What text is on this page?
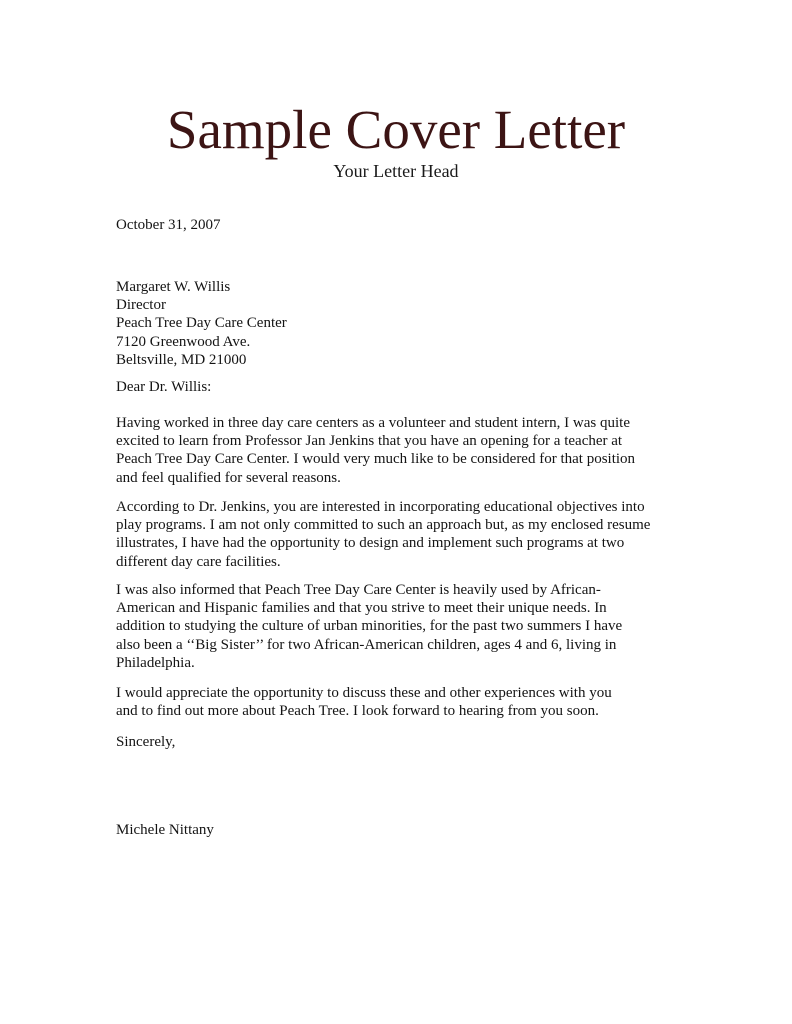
Sample Cover Letter
Your Letter Head
October 31, 2007
Margaret W. Willis
Director
Peach Tree Day Care Center
7120 Greenwood Ave.
Beltsville, MD 21000
Dear Dr. Willis:
Having worked in three day care centers as a volunteer and student intern, I was quite
excited to learn from Professor Jan Jenkins that you have an opening for a teacher at
Peach Tree Day Care Center. I would very much like to be considered for that position
and feel qualified for several reasons.
According to Dr. Jenkins, you are interested in incorporating educational objectives into
play programs. I am not only committed to such an approach but, as my enclosed resume
illustrates, I have had the opportunity to design and implement such programs at two
different day care facilities.
I was also informed that Peach Tree Day Care Center is heavily used by African-
American and Hispanic families and that you strive to meet their unique needs. In
addition to studying the culture of urban minorities, for the past two summers I have
also been a ‘‘Big Sister’’ for two African-American children, ages 4 and 6, living in
Philadelphia.
I would appreciate the opportunity to discuss these and other experiences with you
and to find out more about Peach Tree. I look forward to hearing from you soon.
Sincerely,
Michele Nittany
